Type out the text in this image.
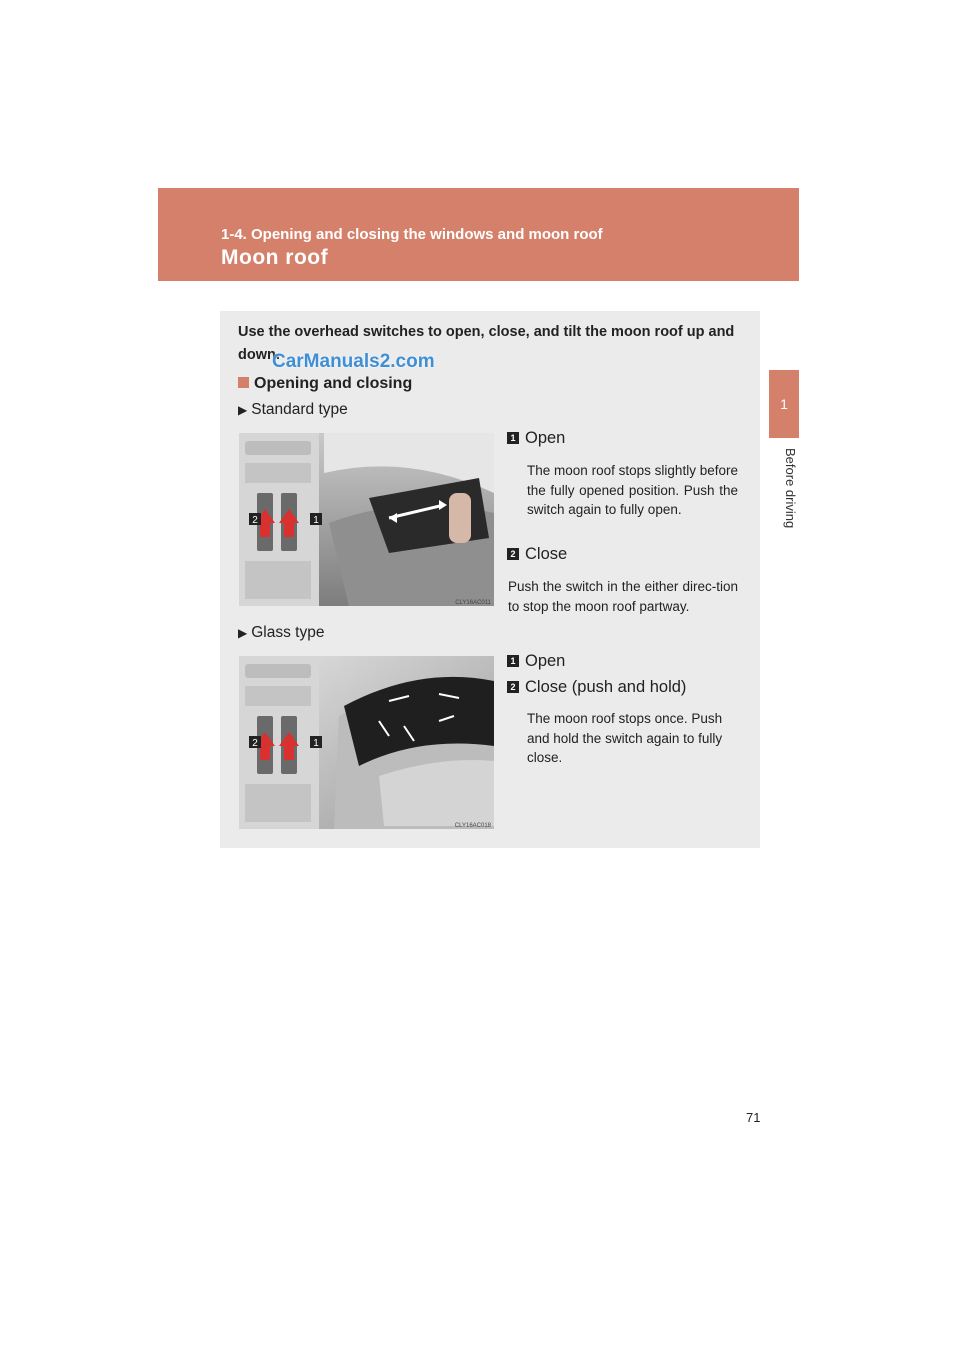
1-4. Opening and closing the windows and moon roof
Moon roof
1
Before driving
Use the overhead switches to open, close, and tilt the moon roof up and down.
CarManuals2.com
Opening and closing
▶ Standard type
2	1
CLY16AC011
1 Open
The moon roof stops slightly before the fully opened position. Push the switch again to fully open.
2 Close
Push the switch in the either direc-tion to stop the moon roof partway.
▶ Glass type
2	1
CLY16AC018
1 Open
2 Close (push and hold)
The moon roof stops once. Push and hold the switch again to fully close.
71
